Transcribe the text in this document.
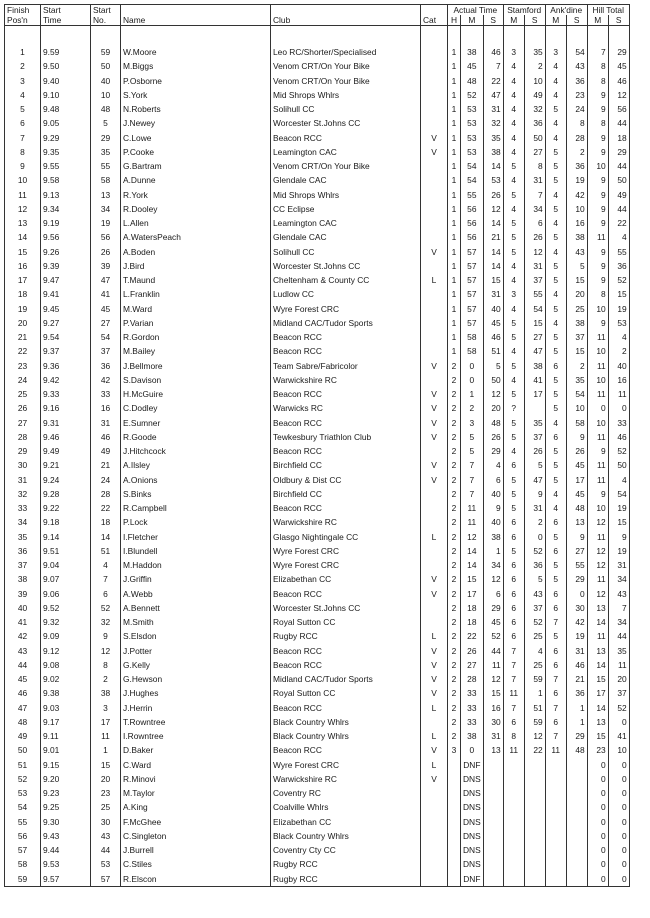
Finish	Start	Start				Actual Time			Stamford		Ank'dine		Hill Total	
Pos'n	Time	No.	Name	Club	Cat	H	M	S	M	S	M	S	M	S

1	9.59	59	W.Moore	Leo RC/Shorter/Specialised		1	38	46	3	35	3	54	7	29
2	9.50	50	M.Biggs	Venom CRT/On Your Bike		1	45	7	4	2	4	43	8	45
3	9.40	40	P.Osborne	Venom CRT/On Your Bike		1	48	22	4	10	4	36	8	46
4	9.10	10	S.York	Mid Shrops Whlrs		1	52	47	4	49	4	23	9	12
5	9.48	48	N.Roberts	Solihull CC		1	53	31	4	32	5	24	9	56
6	9.05	5	J.Newey	Worcester St.Johns CC		1	53	32	4	36	4	8	8	44
7	9.29	29	C.Lowe	Beacon RCC	V	1	53	35	4	50	4	28	9	18
8	9.35	35	P.Cooke	Leamington CAC	V	1	53	38	4	27	5	2	9	29
9	9.55	55	G.Bartram	Venom CRT/On Your Bike		1	54	14	5	8	5	36	10	44
10	9.58	58	A.Dunne	Glendale CAC		1	54	53	4	31	5	19	9	50
11	9.13	13	R.York	Mid Shrops Whlrs		1	55	26	5	7	4	42	9	49
12	9.34	34	R.Dooley	CC Eclipse		1	56	12	4	34	5	10	9	44
13	9.19	19	L.Allen	Leamington CAC		1	56	14	5	6	4	16	9	22
14	9.56	56	A.WatersPeach	Glendale CAC		1	56	21	5	26	5	38	11	4
15	9.26	26	A.Boden	Solihull CC	V	1	57	14	5	12	4	43	9	55
16	9.39	39	J.Bird	Worcester St.Johns CC		1	57	14	4	31	5	5	9	36
17	9.47	47	T.Maund	Cheltenham & County CC	L	1	57	15	4	37	5	15	9	52
18	9.41	41	L.Franklin	Ludlow CC		1	57	31	3	55	4	20	8	15
19	9.45	45	M.Ward	Wyre Forest CRC		1	57	40	4	54	5	25	10	19
20	9.27	27	P.Varian	Midland CAC/Tudor Sports		1	57	45	5	15	4	38	9	53
21	9.54	54	R.Gordon	Beacon RCC		1	58	46	5	27	5	37	11	4
22	9.37	37	M.Bailey	Beacon RCC		1	58	51	4	47	5	15	10	2
23	9.36	36	J.Bellmore	Team Sabre/Fabricolor	V	2	0	5	5	38	6	2	11	40
24	9.42	42	S.Davison	Warwickshire RC		2	0	50	4	41	5	35	10	16
25	9.33	33	H.McGuire	Beacon RCC	V	2	1	12	5	17	5	54	11	11
26	9.16	16	C.Dodley	Warwicks RC	V	2	2	20	?		5	10	0	0
27	9.31	31	E.Sumner	Beacon RCC	V	2	3	48	5	35	4	58	10	33
28	9.46	46	R.Goode	Tewkesbury Triathlon Club	V	2	5	26	5	37	6	9	11	46
29	9.49	49	J.Hitchcock	Beacon RCC		2	5	29	4	26	5	26	9	52
30	9.21	21	A.Ilsley	Birchfield CC	V	2	7	4	6	5	5	45	11	50
31	9.24	24	A.Onions	Oldbury & Dist CC	V	2	7	6	5	47	5	17	11	4
32	9.28	28	S.Binks	Birchfield CC		2	7	40	5	9	4	45	9	54
33	9.22	22	R.Campbell	Beacon RCC		2	11	9	5	31	4	48	10	19
34	9.18	18	P.Lock	Warwickshire RC		2	11	40	6	2	6	13	12	15
35	9.14	14	I.Fletcher	Glasgo Nightingale CC	L	2	12	38	6	0	5	9	11	9
36	9.51	51	I.Blundell	Wyre Forest CRC		2	14	1	5	52	6	27	12	19
37	9.04	4	M.Haddon	Wyre Forest CRC		2	14	34	6	36	5	55	12	31
38	9.07	7	J.Griffin	Elizabethan CC	V	2	15	12	6	5	5	29	11	34
39	9.06	6	A.Webb	Beacon RCC	V	2	17	6	6	43	6	0	12	43
40	9.52	52	A.Bennett	Worcester St.Johns CC		2	18	29	6	37	6	30	13	7
41	9.32	32	M.Smith	Royal Sutton CC		2	18	45	6	52	7	42	14	34
42	9.09	9	S.Elsdon	Rugby RCC	L	2	22	52	6	25	5	19	11	44
43	9.12	12	J.Potter	Beacon RCC	V	2	26	44	7	4	6	31	13	35
44	9.08	8	G.Kelly	Beacon RCC	V	2	27	11	7	25	6	46	14	11
45	9.02	2	G.Hewson	Midland CAC/Tudor Sports	V	2	28	12	7	59	7	21	15	20
46	9.38	38	J.Hughes	Royal Sutton CC	V	2	33	15	11	1	6	36	17	37
47	9.03	3	J.Herrin	Beacon RCC	L	2	33	16	7	51	7	1	14	52
48	9.17	17	T.Rowntree	Black Country Whlrs		2	33	30	6	59	6	1	13	0
49	9.11	11	I.Rowntree	Black Country Whlrs	L	2	38	31	8	12	7	29	15	41
50	9.01	1	D.Baker	Beacon RCC	V	3	0	13	11	22	11	48	23	10
51	9.15	15	C.Ward	Wyre Forest CRC	L		DNF						0	0
52	9.20	20	R.Minovi	Warwickshire RC	V		DNS						0	0
53	9.23	23	M.Taylor	Coventry RC			DNS						0	0
54	9.25	25	A.King	Coalville Whlrs			DNS						0	0
55	9.30	30	F.McGhee	Elizabethan CC			DNS						0	0
56	9.43	43	C.Singleton	Black Country Whlrs			DNS						0	0
57	9.44	44	J.Burrell	Coventry Cty CC			DNS						0	0
58	9.53	53	C.Stiles	Rugby RCC			DNS						0	0
59	9.57	57	R.Elscon	Rugby RCC			DNF						0	0
